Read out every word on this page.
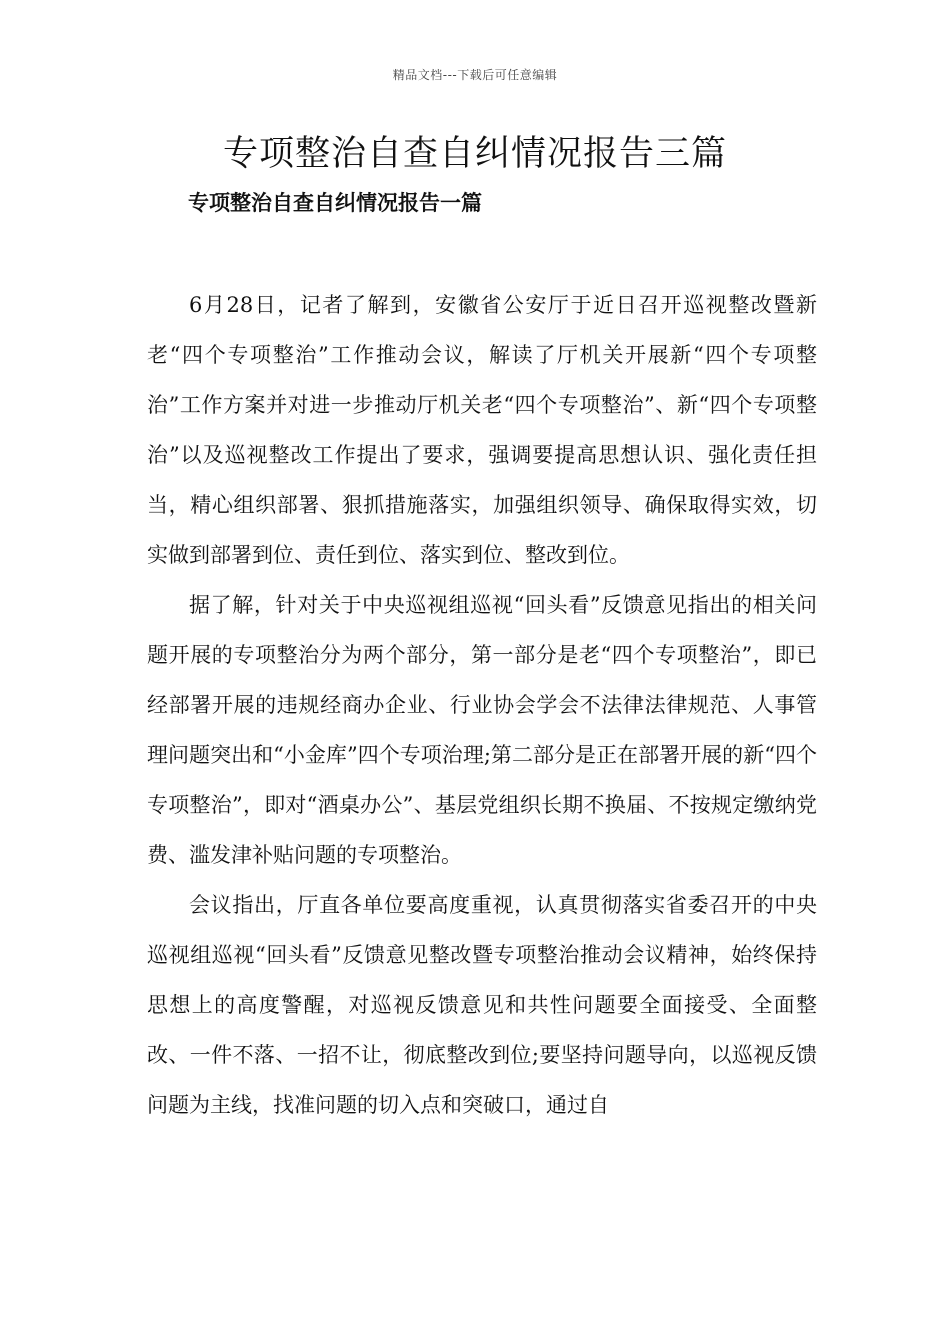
精品文档---下载后可任意编辑
专项整治自查自纠情况报告三篇
专项整治自查自纠情况报告一篇

6月28日，记者了解到，安徽省公安厅于近日召开巡视整改暨新老“四个专项整治”工作推动会议，解读了厅机关开展新“四个专项整治”工作方案并对进一步推动厅机关老“四个专项整治”、新“四个专项整治”以及巡视整改工作提出了要求，强调要提高思想认识、强化责任担当，精心组织部署、狠抓措施落实，加强组织领导、确保取得实效，切实做到部署到位、责任到位、落实到位、整改到位。

据了解，针对关于中央巡视组巡视“回头看”反馈意见指出的相关问题开展的专项整治分为两个部分，第一部分是老“四个专项整治”，即已经部署开展的违规经商办企业、行业协会学会不法律法律规范、人事管理问题突出和“小金库”四个专项治理;第二部分是正在部署开展的新“四个专项整治”，即对“酒桌办公”、基层党组织长期不换届、不按规定缴纳党费、滥发津补贴问题的专项整治。

会议指出，厅直各单位要高度重视，认真贯彻落实省委召开的中央巡视组巡视“回头看”反馈意见整改暨专项整治推动会议精神，始终保持思想上的高度警醒，对巡视反馈意见和共性问题要全面接受、全面整改、一件不落、一招不让，彻底整改到位;要坚持问题导向，以巡视反馈问题为主线，找准问题的切入点和突破口，通过自
